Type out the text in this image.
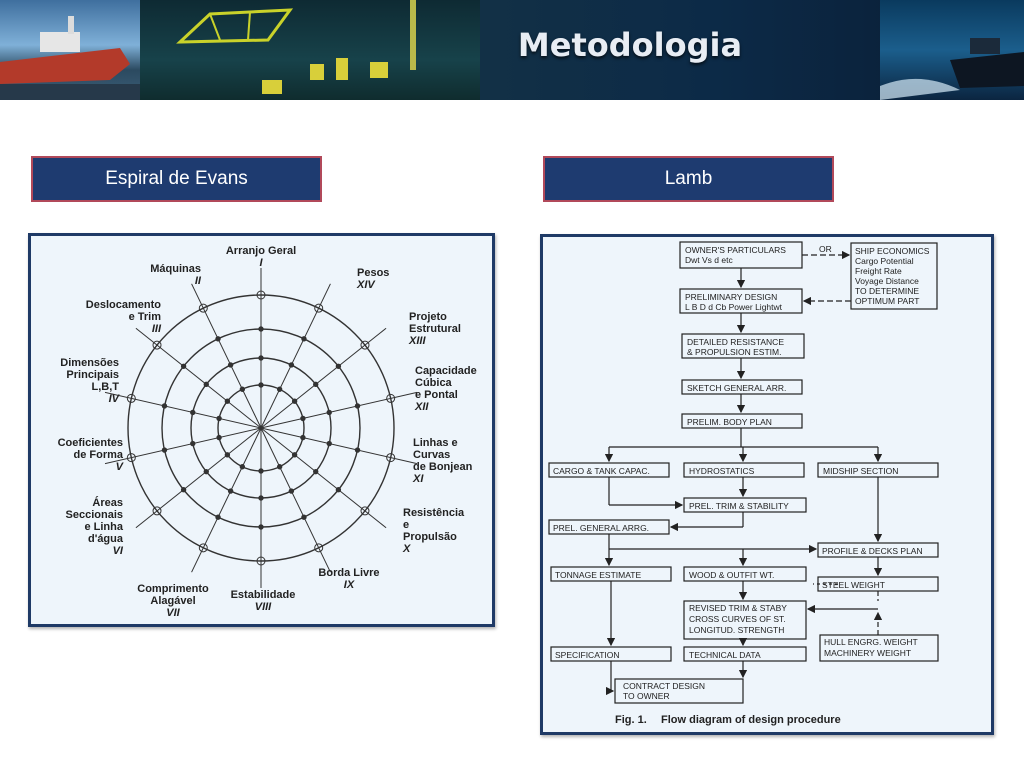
Metodologia
Espiral de Evans	Lamb
Arranjo Geral I
Máquinas II
Deslocamento e Trim III
Dimensões Principais L,B,T IV
Coeficientes de Forma V
Áreas Seccionais e Linha d'água VI
Comprimento Alagável VII
Estabilidade VIII
Borda Livre IX
Resistência e Propulsão X
Linhas e Curvas de Bonjean XI
Capacidade Cúbica e Pontal XII
Projeto Estrutural XIII
Pesos XIV
OWNER'S PARTICULARS Dwt Vs d etc
SHIP ECONOMICS Cargo Potential Freight Rate Voyage Distance TO DETERMINE OPTIMUM PART
PRELIMINARY DESIGN L B D d Cb Power Lightwt
DETAILED RESISTANCE & PROPULSION ESTIM.
SKETCH GENERAL ARR.
PRELIM. BODY PLAN
CARGO & TANK CAPAC.	HYDROSTATICS	MIDSHIP SECTION
PREL. TRIM & STABILITY
PREL. GENERAL ARRG.
PROFILE & DECKS PLAN
TONNAGE ESTIMATE	WOOD & OUTFIT WT.
STEEL WEIGHT
REVISED TRIM & STABY CROSS CURVES OF ST. LONGITUD. STRENGTH
HULL ENGRG. WEIGHT MACHINERY WEIGHT
SPECIFICATION	TECHNICAL DATA
CONTRACT DESIGN TO OWNER
OR
Fig. 1. Flow diagram of design procedure
